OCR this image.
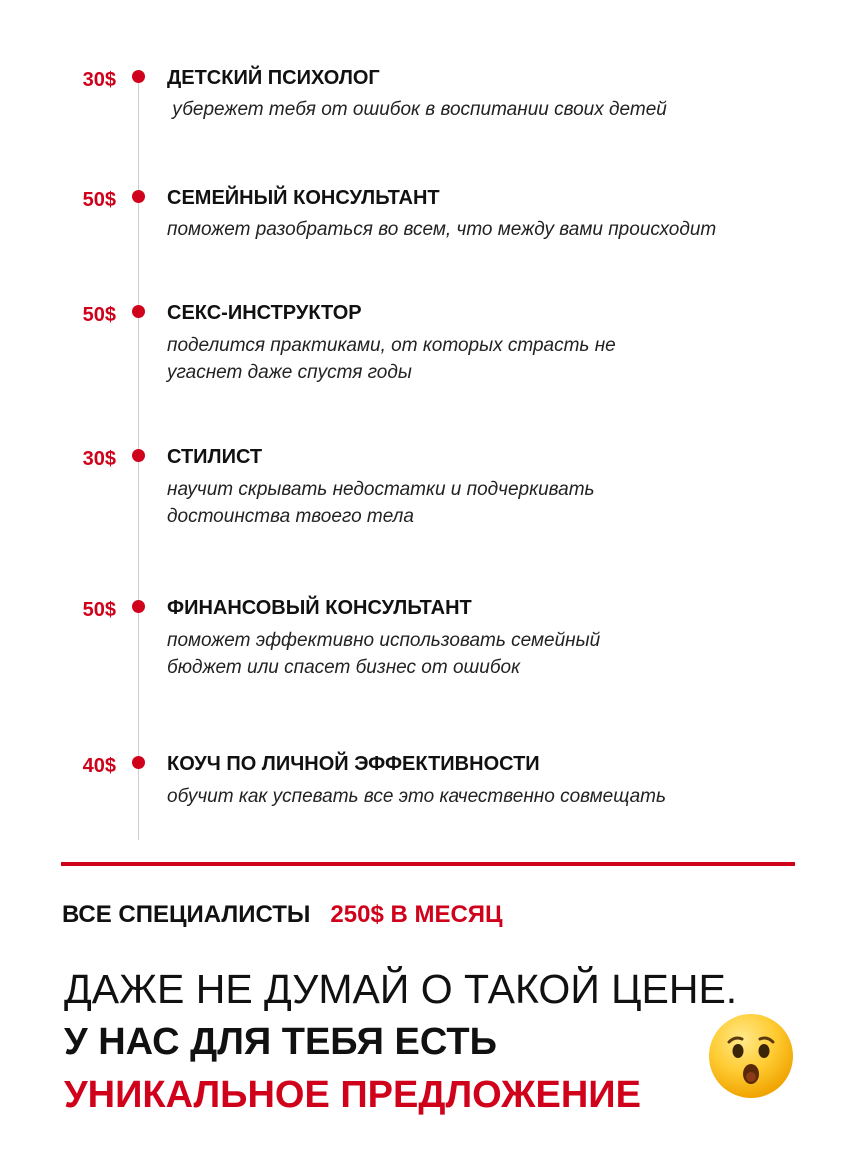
30$	ДЕТСКИЙ ПСИХОЛОГ
убережет тебя от ошибок в воспитании своих детей
50$	СЕМЕЙНЫЙ КОНСУЛЬТАНТ
поможет разобраться во всем, что между вами происходит
50$	СЕКС-ИНСТРУКТОР
поделится практиками, от которых страсть не
угаснет даже спустя годы
30$	СТИЛИСТ
научит скрывать недостатки и подчеркивать
достоинства твоего тела
50$	ФИНАНСОВЫЙ КОНСУЛЬТАНТ
поможет эффективно использовать семейный
бюджет или спасет бизнес от ошибок
40$	КОУЧ ПО ЛИЧНОЙ ЭФФЕКТИВНОСТИ
обучит как успевать все это качественно совмещать
ВСЕ СПЕЦИАЛИСТЫ 250$ В МЕСЯЦ
ДАЖЕ НЕ ДУМАЙ О ТАКОЙ ЦЕНЕ.
У НАС ДЛЯ ТЕБЯ ЕСТЬ
УНИКАЛЬНОЕ ПРЕДЛОЖЕНИЕ
